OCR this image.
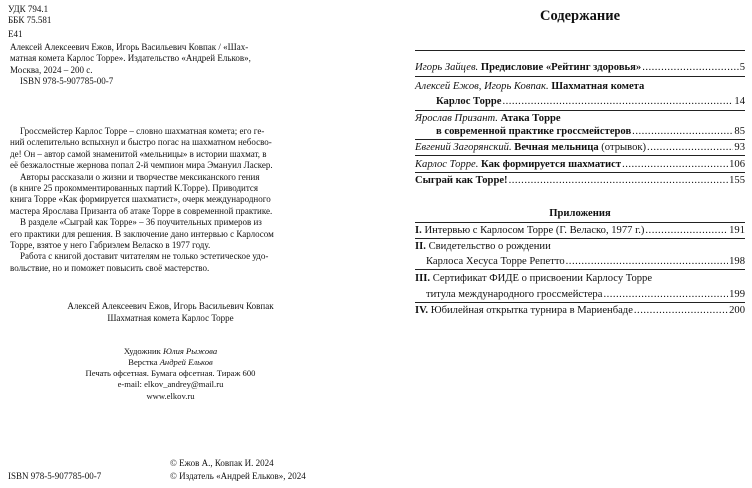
УДК 794.1
ББК 75.581
Е41
Алексей Алексеевич Ежов, Игорь Васильевич Ковпак / «Шах-
матная комета Карлос Торре». Издательство «Андрей Ельков»,
Москва, 2024 – 200 с.
ISBN 978-5-907785-00-7
Гроссмейстер Карлос Торре – словно шахматная комета; его ге-
ний ослепительно вспыхнул и быстро погас на шахматном небосво-
де! Он – автор самой знаменитой «мельницы» в истории шахмат, в
её безжалостные жернова попал 2-й чемпион мира Эмануил Ласкер.
Авторы рассказали о жизни и творчестве мексиканского гения
(в книге 25 прокомментированных партий К.Торре). Приводится
книга Торре «Как формируется шахматист», очерк международного
мастера Ярослава Призанта об атаке Торре в современной практике.
В разделе «Сыграй как Торре» – 36 поучительных примеров из
его практики для решения. В заключение дано интервью с Карлосом
Торре, взятое у него Габриэлем Веласко в 1977 году.
Работа с книгой доставит читателям не только эстетическое удо-
вольствие, но и поможет повысить своё мастерство.
Алексей Алексеевич Ежов, Игорь Васильевич Ковпак
Шахматная комета Карлос Торре
Художник Юлия Рыжова
Верстка Андрей Ельков
Печать офсетная. Бумага офсетная. Тираж 600
e-mail: elkov_andrey@mail.ru
www.elkov.ru
ISBN 978-5-907785-00-7
© Ежов А., Ковпак И. 2024
© Издатель «Андрей Ельков», 2024
Содержание
Игорь Зайцев. Предисловие «Рейтинг здоровья» .....	5
Алексей Ежов, Игорь Ковпак. Шахматная комета
Карлос Торре .....	14
Ярослав Призант. Атака Торре
в современной практике гроссмейстеров .....	85
Евгений Загорянский. Вечная мельница (отрывок) .....	93
Карлос Торре. Как формируется шахматист .....	106
Сыграй как Торре! .....	155
Приложения
I. Интервью с Карлосом Торре (Г. Веласко, 1977 г.) .....	191
II. Свидетельство о рождении
Карлоса Хесуса Торре Репетто .....	198
III. Сертификат ФИДЕ о присвоении Карлосу Торре
титула международного гроссмейстера .....	199
IV. Юбилейная открытка турнира в Мариенбаде .....	200
